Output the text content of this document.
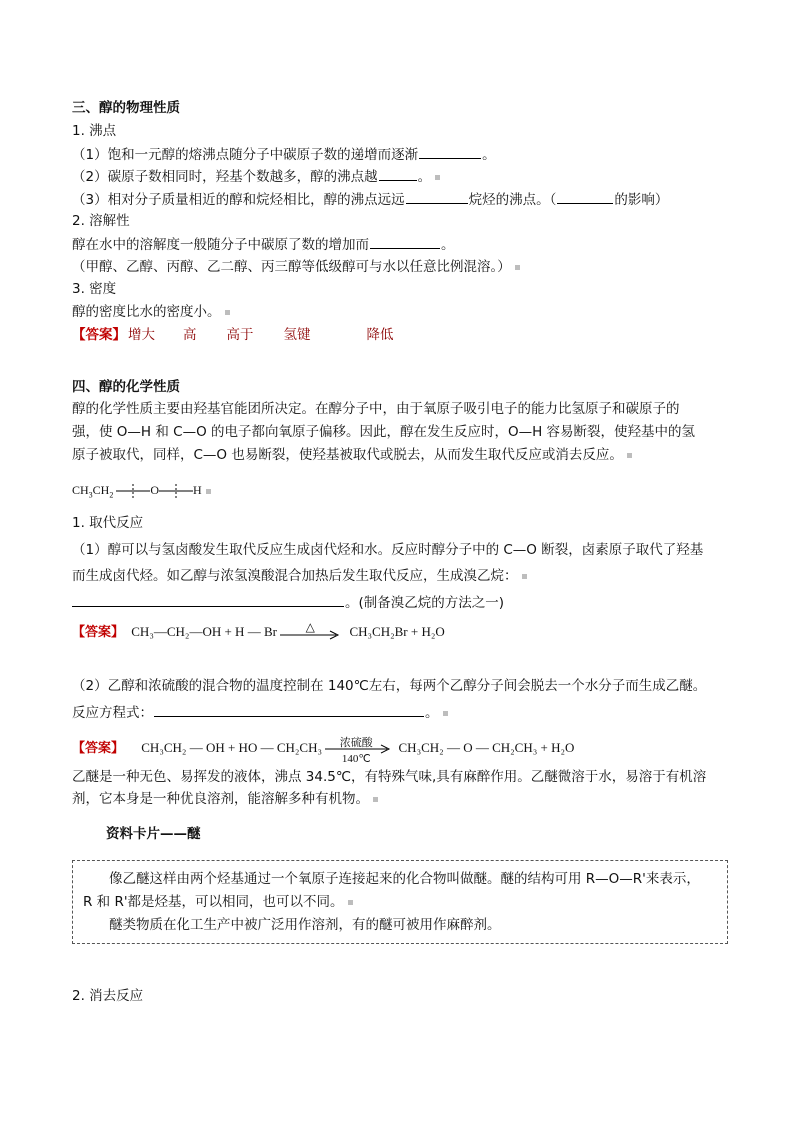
三、醇的物理性质
1. 沸点
（1）饱和一元醇的熔沸点随分子中碳原子数的递增而逐渐	。
（2）碳原子数相同时，羟基个数越多，醇的沸点越	。
（3）相对分子质量相近的醇和烷烃相比，醇的沸点远远	烷烃的沸点。（	的影响）
2. 溶解性
醇在水中的溶解度一般随分子中碳原了数的增加而	。
（甲醇、乙醇、丙醇、乙二醇、丙三醇等低级醇可与水以任意比例混溶。）
3. 密度
醇的密度比水的密度小。
【答案】 增大 高 高于 氢键	降低
四、醇的化学性质
醇的化学性质主要由羟基官能团所决定。在醇分子中，由于氧原子吸引电子的能力比氢原子和碳原子的
强，使 O—H 和 C—O 的电子都向氧原子偏移。因此，醇在发生反应时，O—H 容易断裂，使羟基中的氢
原子被取代，同样，C—O 也易断裂，使羟基被取代或脱去，从而发生取代反应或消去反应。
$CH_3CH_2$	O	H
1. 取代反应
（1）醇可以与氢卤酸发生取代反应生成卤代烃和水。反应时醇分子中的 C—O 断裂，卤素原子取代了羟基
而生成卤代烃。如乙醇与浓氢溴酸混合加热后发生取代反应，生成溴乙烷：
。(制备溴乙烷的方法之一)
【答案】 CH₃—CH₂—OH + H — Br	△	CH₃CH₂Br + H₂O
（2）乙醇和浓硫酸的混合物的温度控制在 140℃左右，每两个乙醇分子间会脱去一个水分子而生成乙醚。
反应方程式：	。
【答案】 CH₃CH₂ — OH + HO — CH₂CH₃	浓硫酸
140℃
CH₃CH₂ — O — CH₂CH₃ + H₂O
乙醚是一种无色、易挥发的液体，沸点 34.5℃，有特殊气味,具有麻醉作用。乙醚微溶于水，易溶于有机溶
剂，它本身是一种优良溶剂，能溶解多种有机物。
资料卡片——醚
像乙醚这样由两个烃基通过一个氧原子连接起来的化合物叫做醚。醚的结构可用 R—O—R'来表示，
R 和 R'都是烃基，可以相同，也可以不同。
醚类物质在化工生产中被广泛用作溶剂，有的醚可被用作麻醉剂。
2. 消去反应
